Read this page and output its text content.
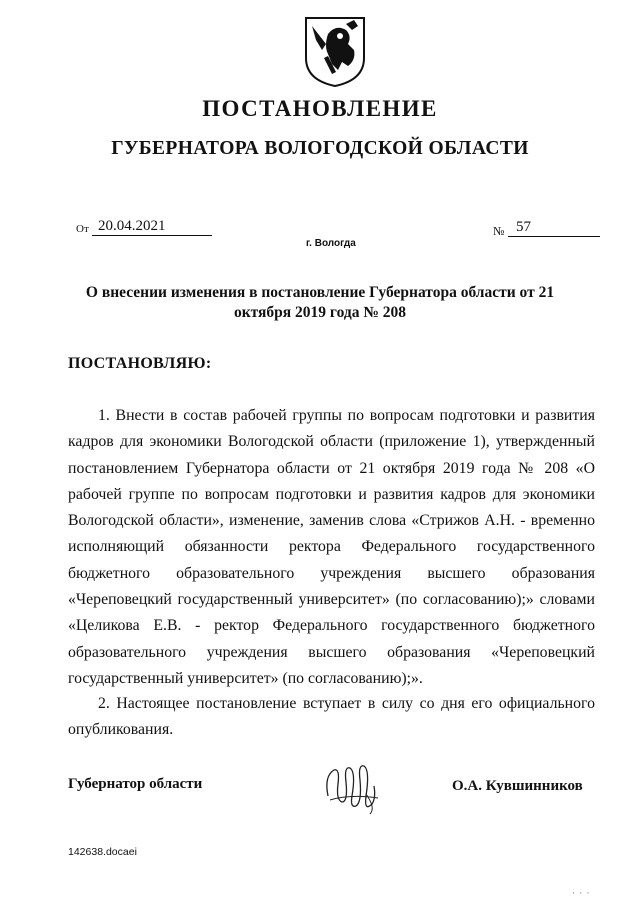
ПОСТАНОВЛЕНИЕ
ГУБЕРНАТОРА ВОЛОГОДСКОЙ ОБЛАСТИ
От 20.04.2021	№ 57
г. Вологда
О внесении изменения в постановление Губернатора области от 21 октября 2019 года № 208
ПОСТАНОВЛЯЮ:

1. Внести в состав рабочей группы по вопросам подготовки и развития кадров для экономики Вологодской области (приложение 1), утвержденный постановлением Губернатора области от 21 октября 2019 года № 208 «О рабочей группе по вопросам подготовки и развития кадров для экономики Вологодской области», изменение, заменив слова «Стрижов А.Н. - временно исполняющий обязанности ректора Федерального государственного бюджетного образовательного учреждения высшего образования «Череповецкий государственный университет» (по согласованию);» словами «Целикова Е.В. - ректор Федерального государственного бюджетного образовательного учреждения высшего образования «Череповецкий государственный университет» (по согласованию);».

2. Настоящее постановление вступает в силу со дня его официального опубликования.

Губернатор области	О.А. Кувшинников
142638.docaei
· · ·
